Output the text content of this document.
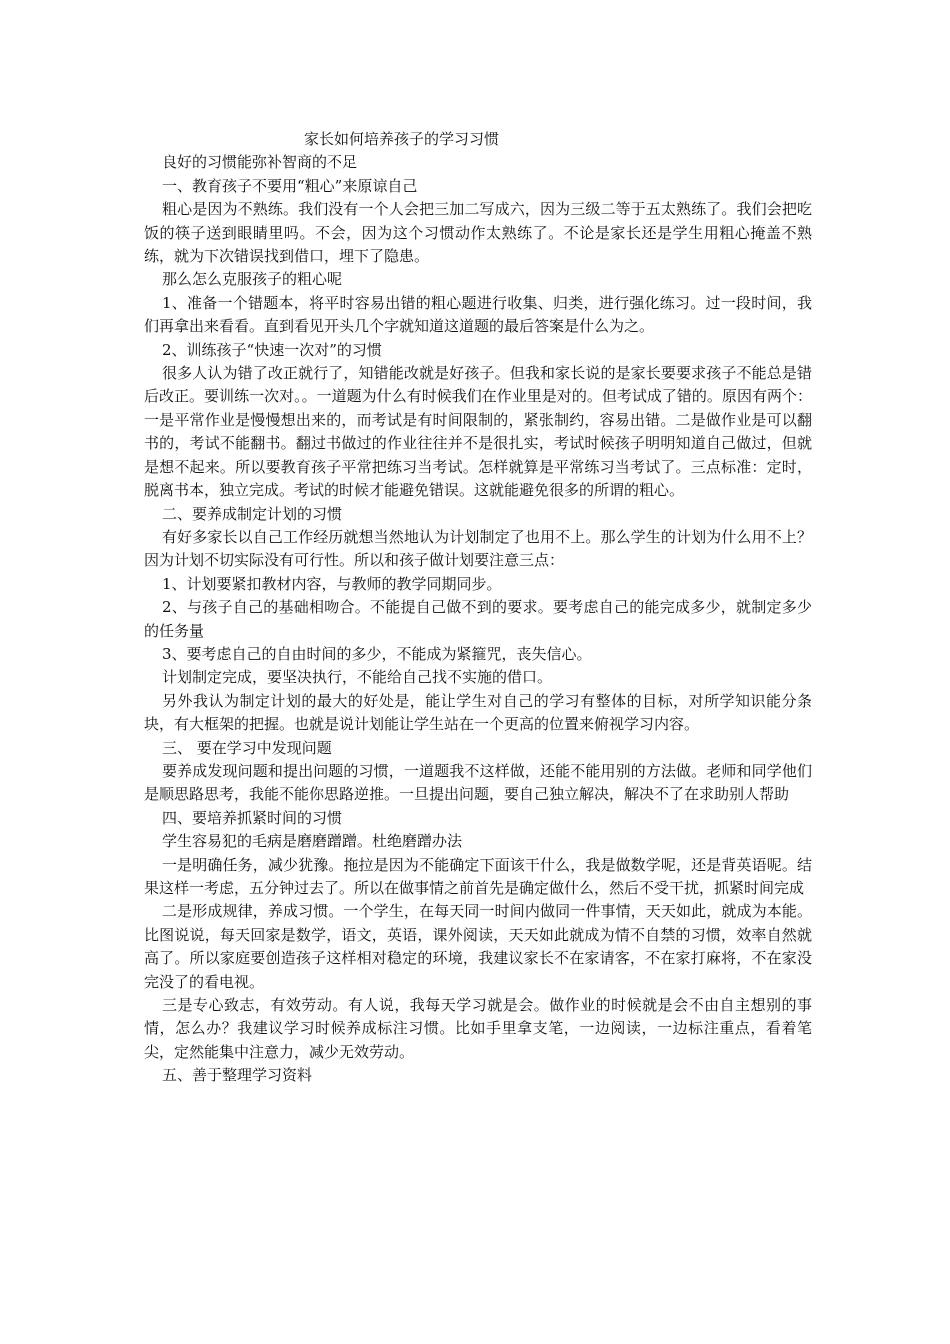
家长如何培养孩子的学习习惯

良好的习惯能弥补智商的不足

一、教育孩子不要用“粗心”来原谅自己

粗心是因为不熟练。我们没有一个人会把三加二写成六，因为三级二等于五太熟练了。我们会把吃饭的筷子送到眼睛里吗。不会，因为这个习惯动作太熟练了。不论是家长还是学生用粗心掩盖不熟练，就为下次错误找到借口，埋下了隐患。

那么怎么克服孩子的粗心呢

1、准备一个错题本，将平时容易出错的粗心题进行收集、归类，进行强化练习。过一段时间，我们再拿出来看看。直到看见开头几个字就知道这道题的最后答案是什么为之。

2、训练孩子“快速一次对”的习惯

很多人认为错了改正就行了，知错能改就是好孩子。但我和家长说的是家长要要求孩子不能总是错后改正。要训练一次对。。一道题为什么有时候我们在作业里是对的。但考试成了错的。原因有两个：一是平常作业是慢慢想出来的，而考试是有时间限制的，紧张制约，容易出错。二是做作业是可以翻书的，考试不能翻书。翻过书做过的作业往往并不是很扎实，考试时候孩子明明知道自己做过，但就是想不起来。所以要教育孩子平常把练习当考试。怎样就算是平常练习当考试了。三点标准：定时，脱离书本，独立完成。考试的时候才能避免错误。这就能避免很多的所谓的粗心。

二、要养成制定计划的习惯

有好多家长以自己工作经历就想当然地认为计划制定了也用不上。那么学生的计划为什么用不上？因为计划不切实际没有可行性。所以和孩子做计划要注意三点：

1、计划要紧扣教材内容，与教师的教学同期同步。

2、与孩子自己的基础相吻合。不能提自己做不到的要求。要考虑自己的能完成多少，就制定多少的任务量

3、要考虑自己的自由时间的多少，不能成为紧箍咒，丧失信心。

计划制定完成，要坚决执行，不能给自己找不实施的借口。

另外我认为制定计划的最大的好处是，能让学生对自己的学习有整体的目标，对所学知识能分条块，有大框架的把握。也就是说计划能让学生站在一个更高的位置来俯视学习内容。

三、 要在学习中发现问题

要养成发现问题和提出问题的习惯，一道题我不这样做，还能不能用别的方法做。老师和同学他们是顺思路思考，我能不能你思路逆推。一旦提出问题，要自己独立解决，解决不了在求助别人帮助

四、要培养抓紧时间的习惯

学生容易犯的毛病是磨磨蹭蹭。杜绝磨蹭办法

一是明确任务，减少犹豫。拖拉是因为不能确定下面该干什么，我是做数学呢，还是背英语呢。结果这样一考虑，五分钟过去了。所以在做事情之前首先是确定做什么，然后不受干扰，抓紧时间完成

二是形成规律，养成习惯。一个学生，在每天同一时间内做同一件事情，天天如此，就成为本能。比图说说，每天回家是数学，语文，英语，课外阅读，天天如此就成为情不自禁的习惯，效率自然就高了。所以家庭要创造孩子这样相对稳定的环境，我建议家长不在家请客，不在家打麻将，不在家没完没了的看电视。

三是专心致志，有效劳动。有人说，我每天学习就是会。做作业的时候就是会不由自主想别的事情，怎么办？我建议学习时候养成标注习惯。比如手里拿支笔，一边阅读，一边标注重点，看着笔尖，定然能集中注意力，减少无效劳动。

五、善于整理学习资料
